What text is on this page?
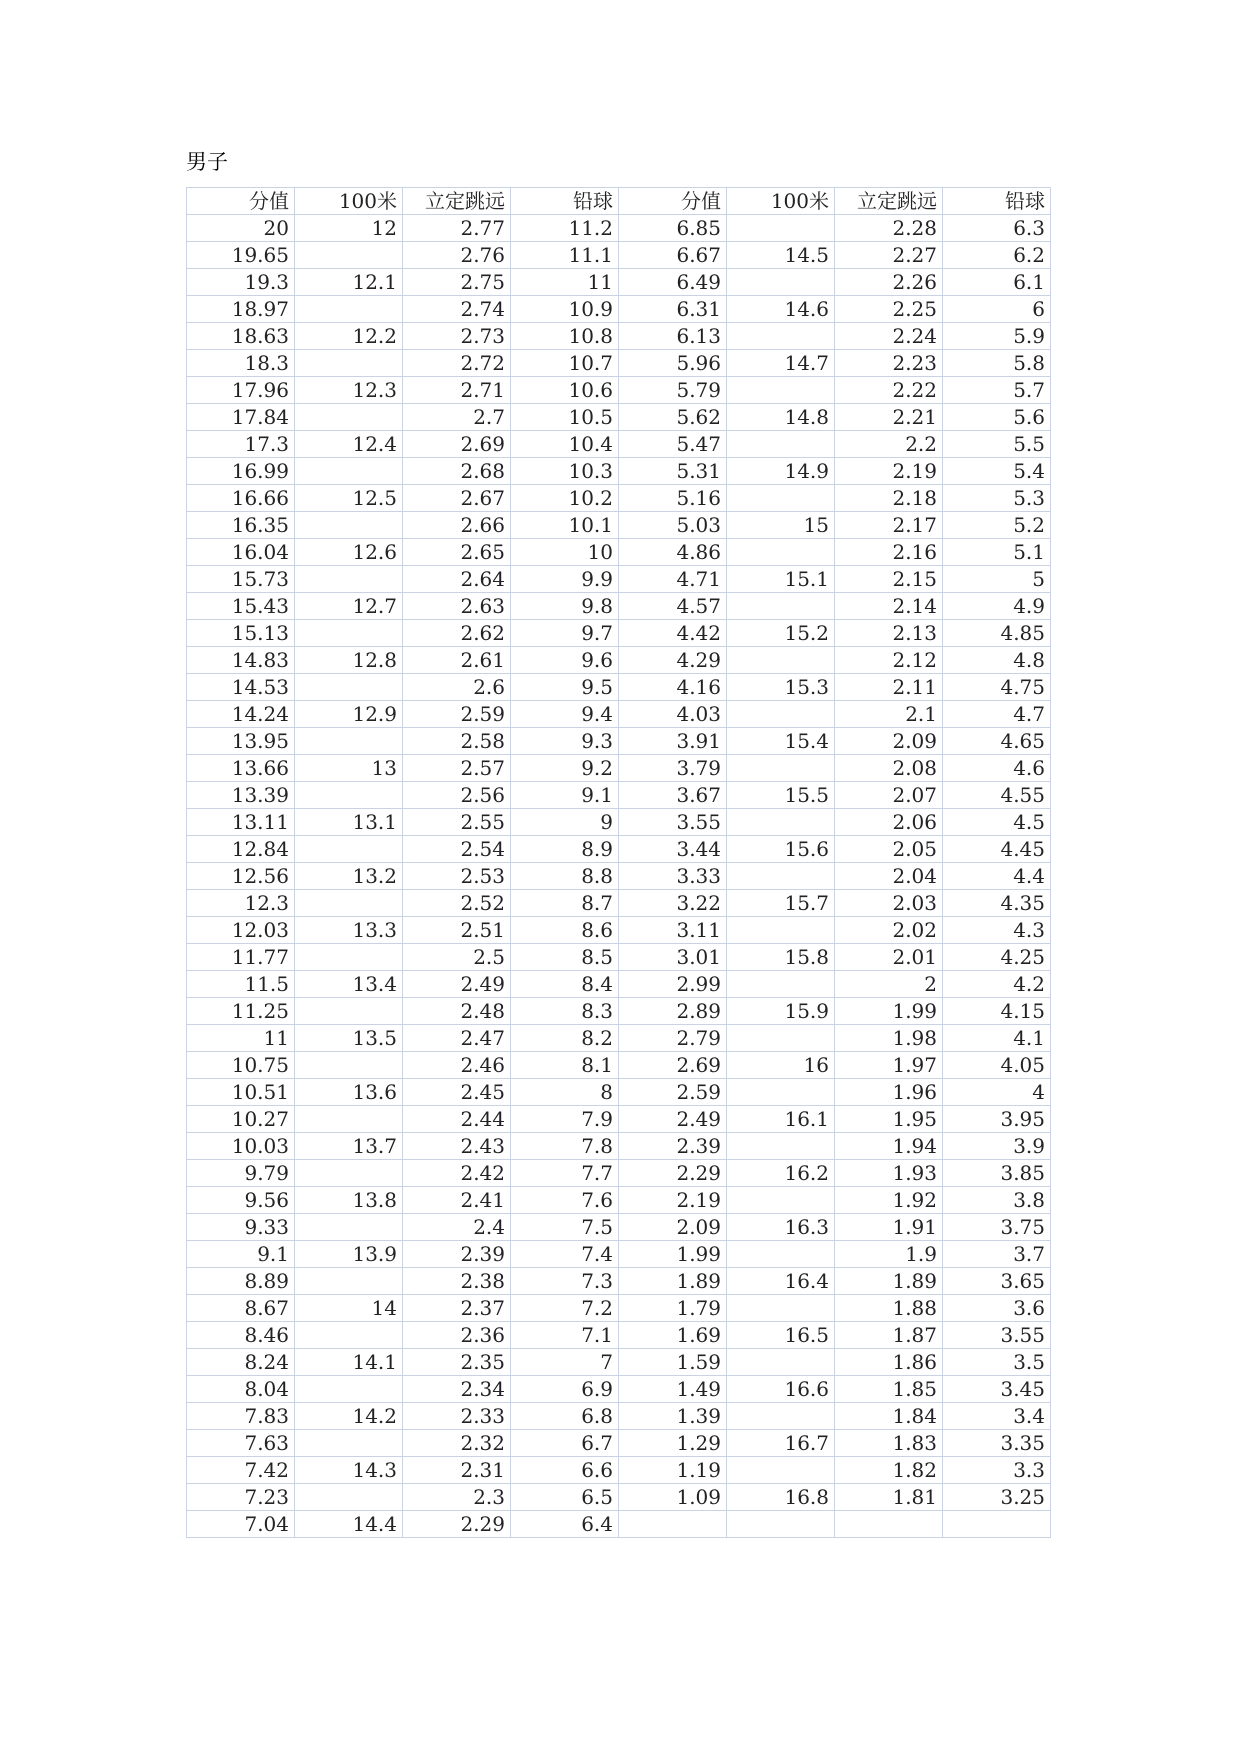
男子
分值	100米	立定跳远	铅球	分值	100米	立定跳远	铅球
20	12	2.77	11.2	6.85		2.28	6.3
19.65		2.76	11.1	6.67	14.5	2.27	6.2
19.3	12.1	2.75	11	6.49		2.26	6.1
18.97		2.74	10.9	6.31	14.6	2.25	6
18.63	12.2	2.73	10.8	6.13		2.24	5.9
18.3		2.72	10.7	5.96	14.7	2.23	5.8
17.96	12.3	2.71	10.6	5.79		2.22	5.7
17.84		2.7	10.5	5.62	14.8	2.21	5.6
17.3	12.4	2.69	10.4	5.47		2.2	5.5
16.99		2.68	10.3	5.31	14.9	2.19	5.4
16.66	12.5	2.67	10.2	5.16		2.18	5.3
16.35		2.66	10.1	5.03	15	2.17	5.2
16.04	12.6	2.65	10	4.86		2.16	5.1
15.73		2.64	9.9	4.71	15.1	2.15	5
15.43	12.7	2.63	9.8	4.57		2.14	4.9
15.13		2.62	9.7	4.42	15.2	2.13	4.85
14.83	12.8	2.61	9.6	4.29		2.12	4.8
14.53		2.6	9.5	4.16	15.3	2.11	4.75
14.24	12.9	2.59	9.4	4.03		2.1	4.7
13.95		2.58	9.3	3.91	15.4	2.09	4.65
13.66	13	2.57	9.2	3.79		2.08	4.6
13.39		2.56	9.1	3.67	15.5	2.07	4.55
13.11	13.1	2.55	9	3.55		2.06	4.5
12.84		2.54	8.9	3.44	15.6	2.05	4.45
12.56	13.2	2.53	8.8	3.33		2.04	4.4
12.3		2.52	8.7	3.22	15.7	2.03	4.35
12.03	13.3	2.51	8.6	3.11		2.02	4.3
11.77		2.5	8.5	3.01	15.8	2.01	4.25
11.5	13.4	2.49	8.4	2.99		2	4.2
11.25		2.48	8.3	2.89	15.9	1.99	4.15
11	13.5	2.47	8.2	2.79		1.98	4.1
10.75		2.46	8.1	2.69	16	1.97	4.05
10.51	13.6	2.45	8	2.59		1.96	4
10.27		2.44	7.9	2.49	16.1	1.95	3.95
10.03	13.7	2.43	7.8	2.39		1.94	3.9
9.79		2.42	7.7	2.29	16.2	1.93	3.85
9.56	13.8	2.41	7.6	2.19		1.92	3.8
9.33		2.4	7.5	2.09	16.3	1.91	3.75
9.1	13.9	2.39	7.4	1.99		1.9	3.7
8.89		2.38	7.3	1.89	16.4	1.89	3.65
8.67	14	2.37	7.2	1.79		1.88	3.6
8.46		2.36	7.1	1.69	16.5	1.87	3.55
8.24	14.1	2.35	7	1.59		1.86	3.5
8.04		2.34	6.9	1.49	16.6	1.85	3.45
7.83	14.2	2.33	6.8	1.39		1.84	3.4
7.63		2.32	6.7	1.29	16.7	1.83	3.35
7.42	14.3	2.31	6.6	1.19		1.82	3.3
7.23		2.3	6.5	1.09	16.8	1.81	3.25
7.04	14.4	2.29	6.4				
